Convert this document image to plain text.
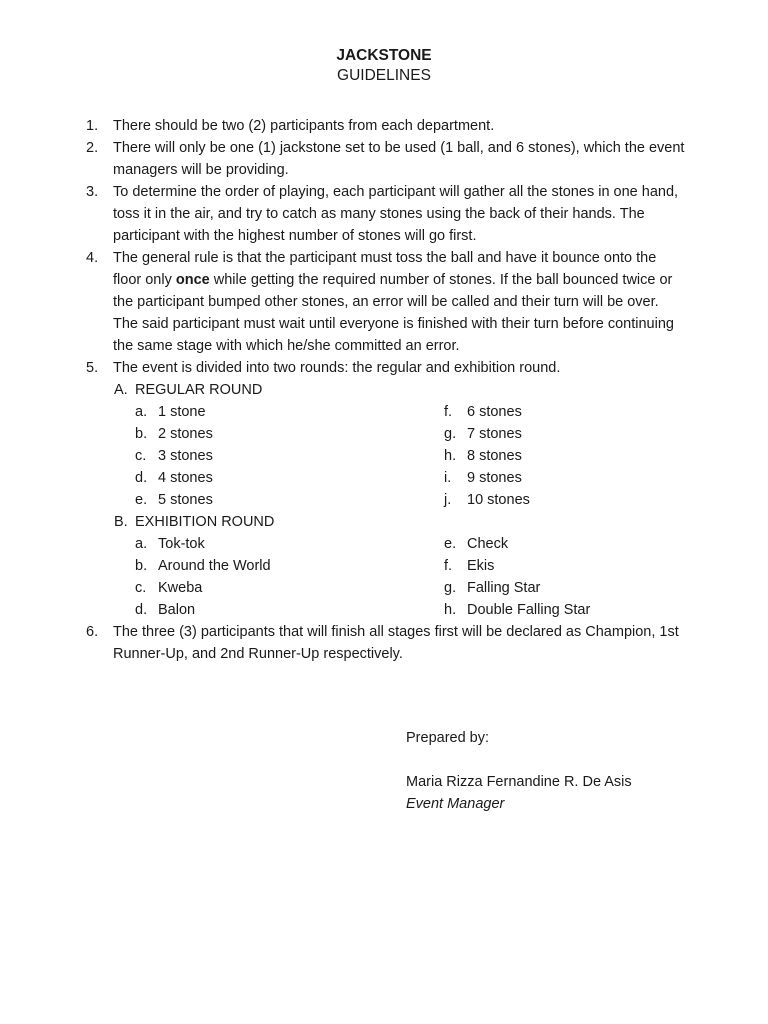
JACKSTONE
GUIDELINES
1. There should be two (2) participants from each department.
2. There will only be one (1) jackstone set to be used (1 ball, and 6 stones), which the event managers will be providing.
3. To determine the order of playing, each participant will gather all the stones in one hand, toss it in the air, and try to catch as many stones using the back of their hands. The participant with the highest number of stones will go first.
4. The general rule is that the participant must toss the ball and have it bounce onto the floor only once while getting the required number of stones. If the ball bounced twice or the participant bumped other stones, an error will be called and their turn will be over. The said participant must wait until everyone is finished with their turn before continuing the same stage with which he/she committed an error.
5. The event is divided into two rounds: the regular and exhibition round.
A. REGULAR ROUND
a. 1 stone
b. 2 stones
c. 3 stones
d. 4 stones
e. 5 stones
f. 6 stones
g. 7 stones
h. 8 stones
i. 9 stones
j. 10 stones
B. EXHIBITION ROUND
a. Tok-tok
b. Around the World
c. Kweba
d. Balon
e. Check
f. Ekis
g. Falling Star
h. Double Falling Star
6. The three (3) participants that will finish all stages first will be declared as Champion, 1st Runner-Up, and 2nd Runner-Up respectively.
Prepared by:
Maria Rizza Fernandine R. De Asis
Event Manager
